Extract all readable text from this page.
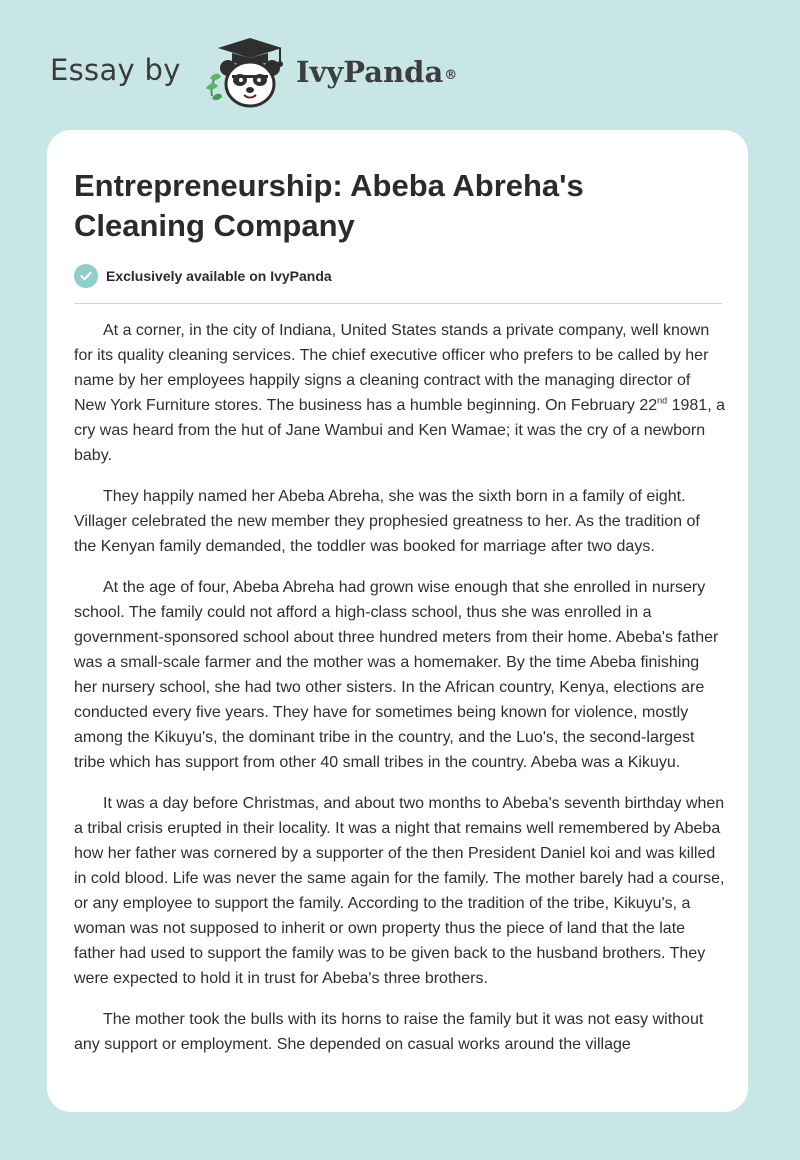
Essay by	IvyPanda®
Entrepreneurship: Abeba Abreha's Cleaning Company
Exclusively available on IvyPanda

At a corner, in the city of Indiana, United States stands a private company, well known for its quality cleaning services. The chief executive officer who prefers to be called by her name by her employees happily signs a cleaning contract with the managing director of New York Furniture stores. The business has a humble beginning. On February 22nd 1981, a cry was heard from the hut of Jane Wambui and Ken Wamae; it was the cry of a newborn baby.

They happily named her Abeba Abreha, she was the sixth born in a family of eight. Villager celebrated the new member they prophesied greatness to her. As the tradition of the Kenyan family demanded, the toddler was booked for marriage after two days.

At the age of four, Abeba Abreha had grown wise enough that she enrolled in nursery school. The family could not afford a high-class school, thus she was enrolled in a government-sponsored school about three hundred meters from their home. Abeba's father was a small-scale farmer and the mother was a homemaker. By the time Abeba finishing her nursery school, she had two other sisters. In the African country, Kenya, elections are conducted every five years. They have for sometimes being known for violence, mostly among the Kikuyu's, the dominant tribe in the country, and the Luo's, the second-largest tribe which has support from other 40 small tribes in the country. Abeba was a Kikuyu.

It was a day before Christmas, and about two months to Abeba's seventh birthday when a tribal crisis erupted in their locality. It was a night that remains well remembered by Abeba how her father was cornered by a supporter of the then President Daniel koi and was killed in cold blood. Life was never the same again for the family. The mother barely had a course, or any employee to support the family. According to the tradition of the tribe, Kikuyu's, a woman was not supposed to inherit or own property thus the piece of land that the late father had used to support the family was to be given back to the husband brothers. They were expected to hold it in trust for Abeba's three brothers.

The mother took the bulls with its horns to raise the family but it was not easy without any support or employment. She depended on casual works around the village
